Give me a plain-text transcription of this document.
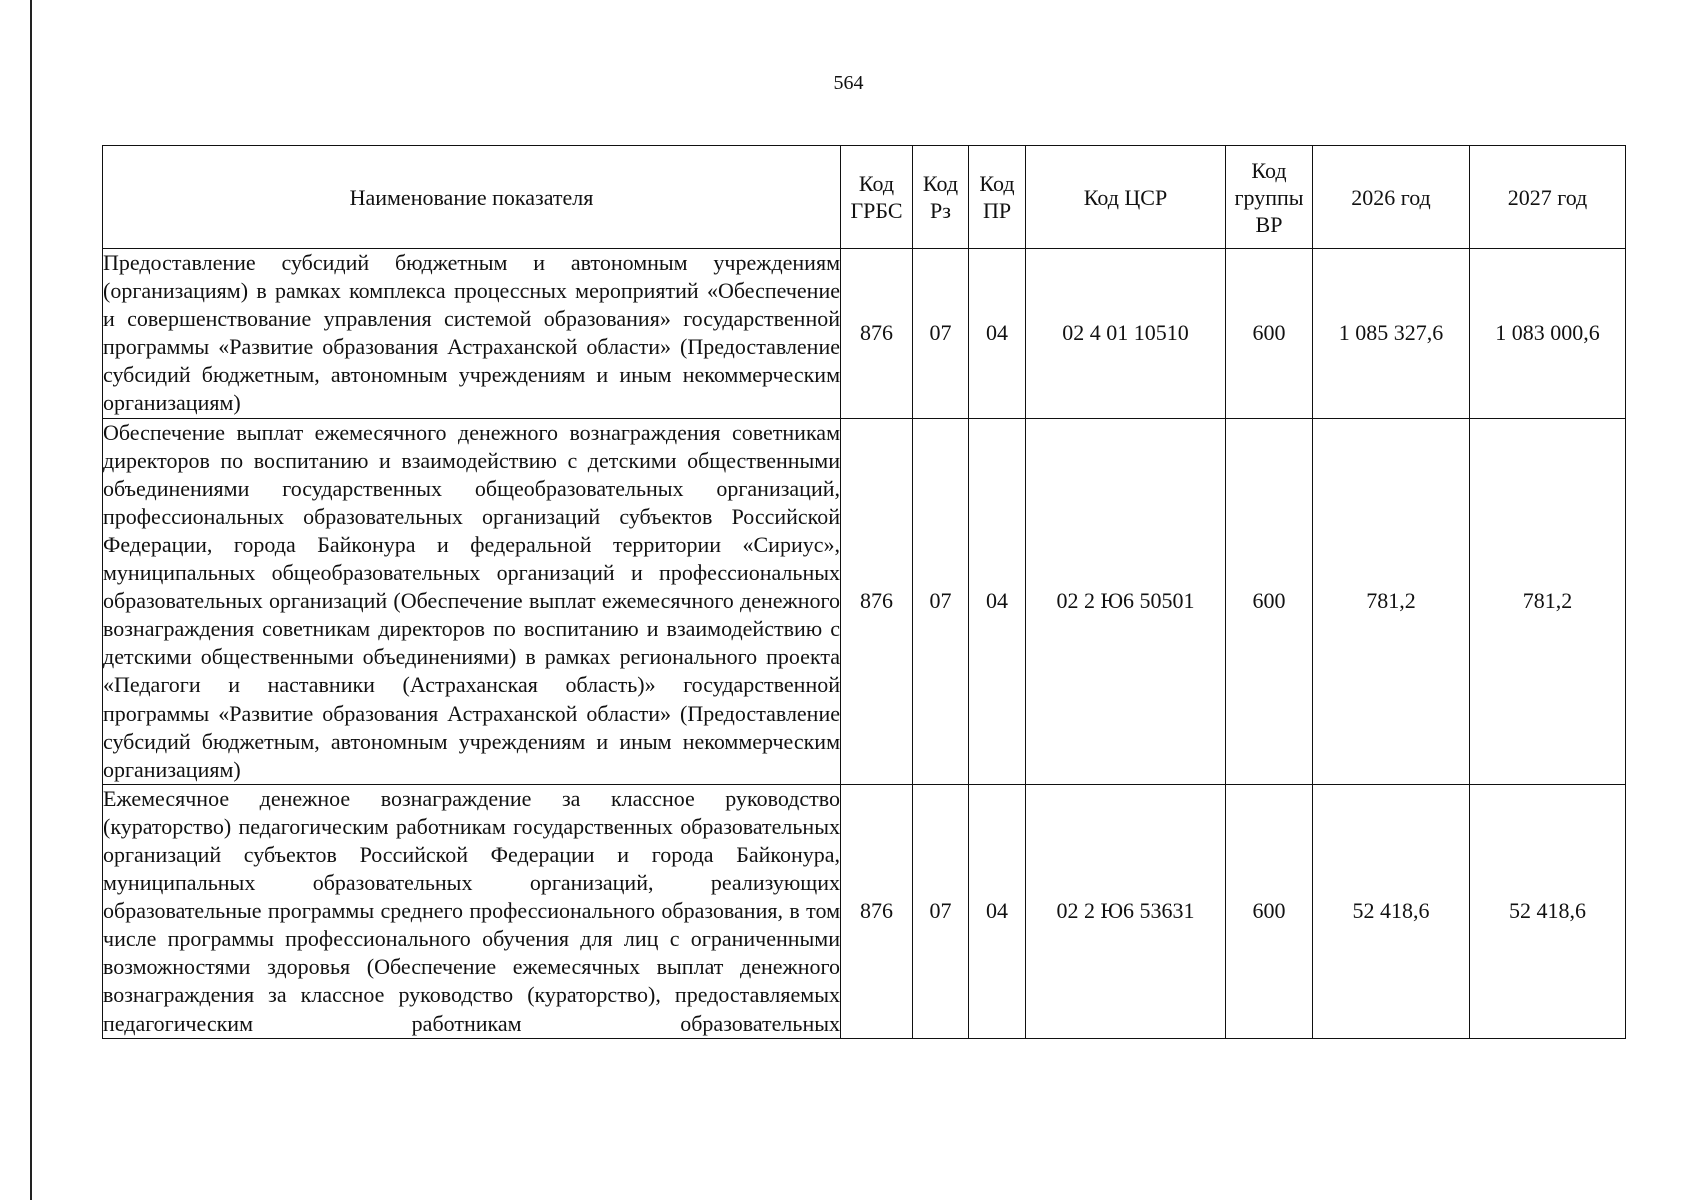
564
Наименование показателя	Код ГРБС	Код Рз	Код ПР	Код ЦСР	Код группы ВР	2026 год	2027 год
Предоставление субсидий бюджетным и автономным учреждениям (организациям) в рамках комплекса процессных мероприятий «Обеспечение и совершенствование управления системой образования» государственной программы «Развитие образования Астраханской области» (Предоставление субсидий бюджетным, автономным учреждениям и иным некоммерческим организациям)	876	07	04	02 4 01 10510	600	1 085 327,6	1 083 000,6
Обеспечение выплат ежемесячного денежного вознаграждения советникам директоров по воспитанию и взаимодействию с детскими общественными объединениями государственных общеобразовательных организаций, профессиональных образовательных организаций субъектов Российской Федерации, города Байконура и федеральной территории «Сириус», муниципальных общеобразовательных организаций и профессиональных образовательных организаций (Обеспечение выплат ежемесячного денежного вознаграждения советникам директоров по воспитанию и взаимодействию с детскими общественными объединениями) в рамках регионального проекта «Педагоги и наставники (Астраханская область)» государственной программы «Развитие образования Астраханской области» (Предоставление субсидий бюджетным, автономным учреждениям и иным некоммерческим организациям)	876	07	04	02 2 Ю6 50501	600	781,2	781,2
Ежемесячное денежное вознаграждение за классное руководство (кураторство) педагогическим работникам государственных образовательных организаций субъектов Российской Федерации и города Байконура, муниципальных образовательных организаций, реализующих образовательные программы среднего профессионального образования, в том числе программы профессионального обучения для лиц с ограниченными возможностями здоровья (Обеспечение ежемесячных выплат денежного вознаграждения за классное руководство (кураторство), предоставляемых педагогическим работникам образовательных	876	07	04	02 2 Ю6 53631	600	52 418,6	52 418,6
